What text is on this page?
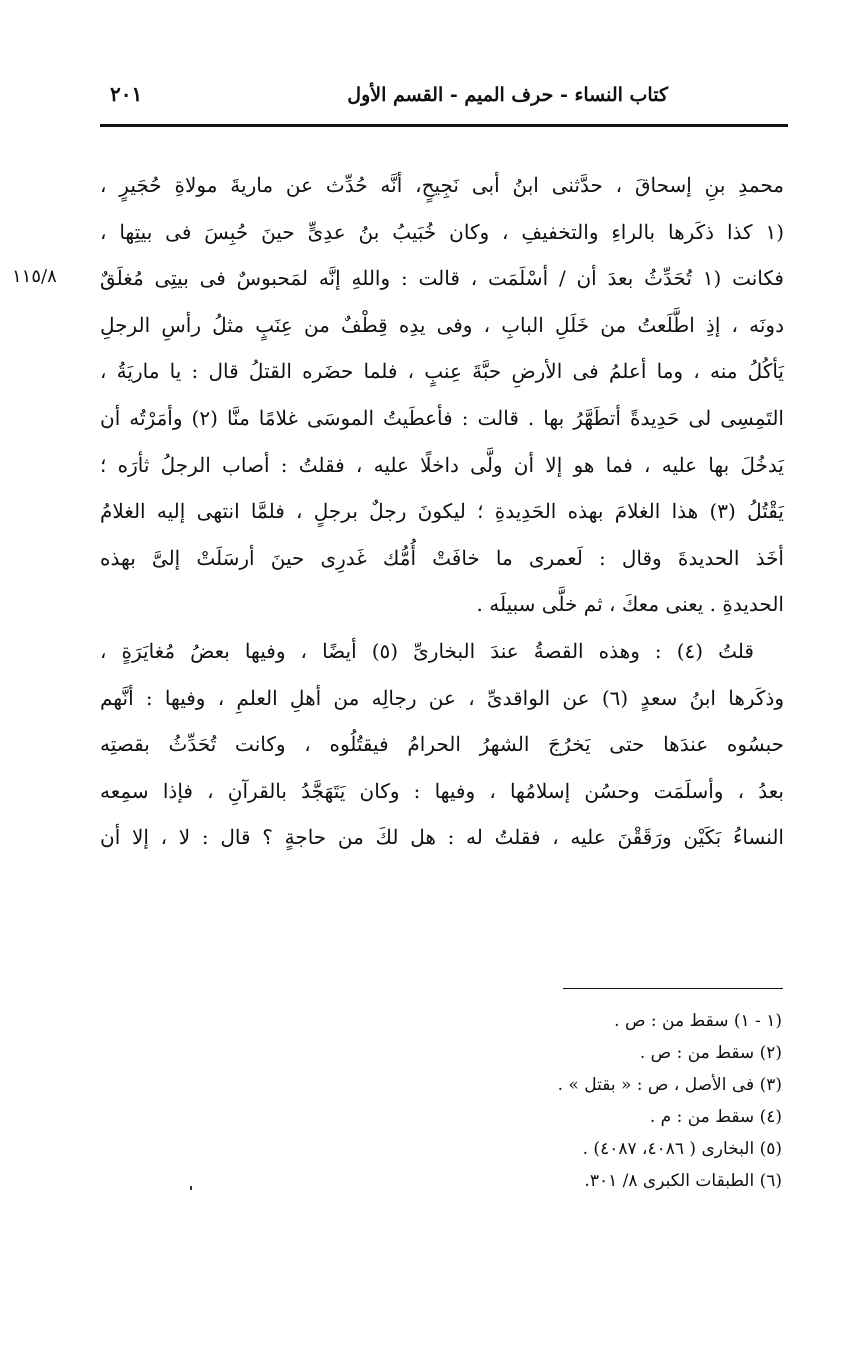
كتاب النساء - حرف الميم - القسم الأول
٢٠١
١١٥/٨
محمدِ بنِ إسحاقَ ، حدَّثنى ابنُ أبى نَجِيحٍ، أنَّه حُدِّث عن ماريةَ مولاةِ حُجَيرٍ ،
(١ كذا ذكَرها بالراءِ والتخفيفِ ، وكان خُبَيبُ بنُ عدِىٍّ حينَ حُبِسَ فى بيتِها ،
فكانت (١ تُحَدِّثُ بعدَ أن / أسْلَمَت ، قالت : واللهِ إنَّه لمَحبوسٌ فى بيتِى مُغلَقٌ
دونَه ، إذِ اطَّلَعتُ من خَلَلِ البابِ ، وفى يدِه قِطْفٌ من عِنَبٍ مثلُ رأسِ الرجلِ
يَأكُلُ منه ، وما أعلمُ فى الأرضِ حبَّةَ عِنبٍ ، فلما حضَره القتلُ قال : يا ماريَةُ ،
التَمِسِى لى حَدِيدةً أتطَهَّرُ بها . قالت : فأعطَيتُ الموسَى غلامًا منَّا (٢) وأمَرْتُه أن
يَدخُلَ بها عليه ، فما هو إلا أن ولَّى داخلًا عليه ، فقلتُ : أصاب الرجلُ ثأرَه ؛
يَقْتُلُ (٣) هذا الغلامَ بهذه الحَدِيدةِ ؛ ليكونَ رجلٌ برجلٍ ، فلمَّا انتهى إليه الغلامُ
أخَذ الحديدةَ وقال : لَعمرى ما خافَتْ أُمُّك غَدرِى حينَ أرسَلَتْ إلىَّ بهذه
الحديدةِ . يعنى معكَ ، ثم خلَّى سبيلَه .
قلتُ (٤) : وهذه القصةُ عندَ البخارىِّ (٥) أيضًا ، وفيها بعضُ مُغايَرَةٍ ،
وذكَرها ابنُ سعدٍ (٦) عن الواقدىِّ ، عن رجالِه من أهلِ العلمِ ، وفيها : أنَّهم
حبسُوه عندَها حتى يَخرُجَ الشهرُ الحرامُ فيقتُلُوه ، وكانت تُحَدِّثُ بقصتِه
بعدُ ، وأسلَمَت وحسُن إسلامُها ، وفيها : وكان يَتَهَجَّدُ بالقرآنِ ، فإذا سمِعه
النساءُ بَكَيْن ورَقَقْنَ عليه ، فقلتُ له : هل لكَ من حاجةٍ ؟ قال : لا ، إلا أن
(١ - ١) سقط من : ص .
(٢) سقط من : ص .
(٣) فى الأصل ، ص : « بقتل » .
(٤) سقط من : م .
(٥) البخارى ( ٤٠٨٦، ٤٠٨٧) .
(٦) الطبقات الكبرى ٨/ ٣٠١.
